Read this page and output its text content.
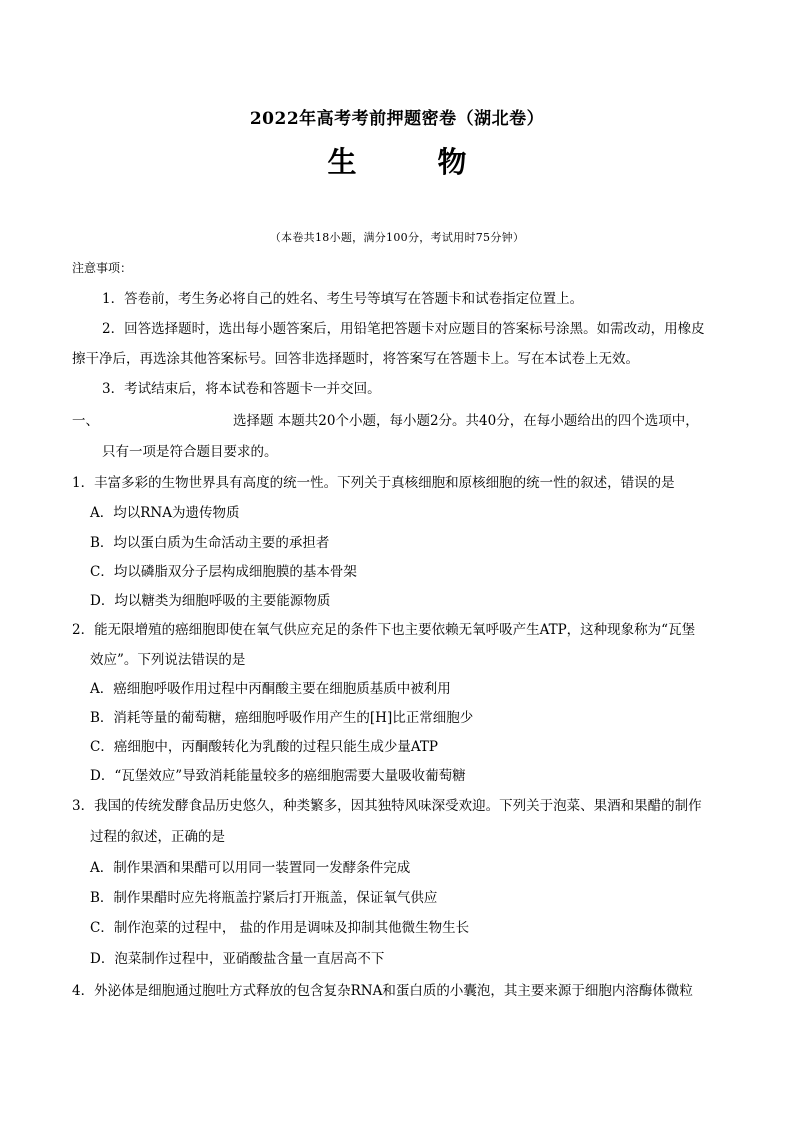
2022年高考考前押题密卷（湖北卷）
生　物
（本卷共18小题，满分100分，考试用时75分钟）
注意事项：
1．答卷前，考生务必将自己的姓名、考生号等填写在答题卡和试卷指定位置上。
2．回答选择题时，选出每小题答案后，用铅笔把答题卡对应题目的答案标号涂黑。如需改动，用橡皮
擦干净后，再选涂其他答案标号。回答非选择题时，将答案写在答题卡上。写在本试卷上无效。
3．考试结束后，将本试卷和答题卡一并交回。
一、	选择题 本题共20个小题，每小题2分。共40分，在每小题给出的四个选项中，
只有一项是符合题目要求的。
1．丰富多彩的生物世界具有高度的统一性。下列关于真核细胞和原核细胞的统一性的叙述，错误的是
A．均以RNA为遗传物质
B．均以蛋白质为生命活动主要的承担者
C．均以磷脂双分子层构成细胞膜的基本骨架
D．均以糖类为细胞呼吸的主要能源物质
2．能无限增殖的癌细胞即使在氧气供应充足的条件下也主要依赖无氧呼吸产生ATP，这种现象称为“瓦堡
效应”。下列说法错误的是
A．癌细胞呼吸作用过程中丙酮酸主要在细胞质基质中被利用
B．消耗等量的葡萄糖，癌细胞呼吸作用产生的[H]比正常细胞少
C．癌细胞中，丙酮酸转化为乳酸的过程只能生成少量ATP
D．“瓦堡效应”导致消耗能量较多的癌细胞需要大量吸收葡萄糖
3．我国的传统发酵食品历史悠久，种类繁多，因其独特风味深受欢迎。下列关于泡菜、果酒和果醋的制作
过程的叙述，正确的是
A．制作果酒和果醋可以用同一装置同一发酵条件完成
B．制作果醋时应先将瓶盖拧紧后打开瓶盖，保证氧气供应
C．制作泡菜的过程中， 盐的作用是调味及抑制其他微生物生长
D．泡菜制作过程中，亚硝酸盐含量一直居高不下
4．外泌体是细胞通过胞吐方式释放的包含复杂RNA和蛋白质的小囊泡，其主要来源于细胞内溶酶体微粒
